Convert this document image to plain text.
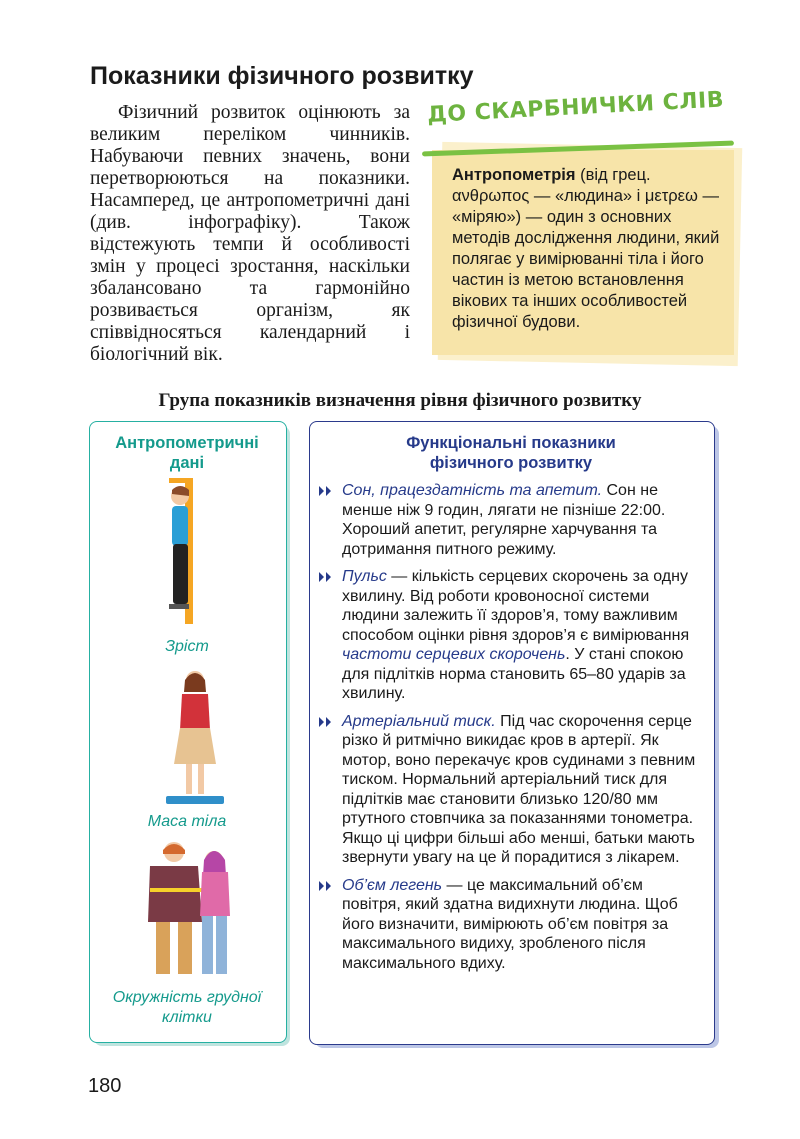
Показники фізичного розвитку

Фізичний розвиток оцінюють за великим переліком чинників. Набуваючи певних значень, вони перетворюються на показники. Насамперед, це антропометричні дані (див. інфографіку). Також відстежують темпи й особливості змін у процесі зростання, наскільки збалансовано та гармонійно розвивається організм, як співвідносяться календарний і біологічний вік.

ДО СКАРБНИЧКИ СЛІВ
Антропометрія (від грец. ανθρωπος — «людина» і μετρεω — «міряю») — один з основних методів дослідження людини, який полягає у вимірюванні тіла і його частин із метою встановлення вікових та інших особливостей фізичної будови.
Група показників визначення рівня фізичного розвитку
Антропометричні
дані
Зріст
Маса тіла
Окружність грудної клітки
Функціональні показники
фізичного розвитку
Сон, працездатність та апетит. Сон не менше ніж 9 годин, лягати не пізніше 22:00. Хороший апетит, регулярне харчування та дотримання питного режиму.
Пульс — кількість серцевих скорочень за одну хвилину. Від роботи кровоносної системи людини залежить її здоров’я, тому важливим способом оцінки рівня здоров’я є вимірювання частоти серцевих скорочень. У стані спокою для підлітків норма становить 65–80 ударів за хвилину.
Артеріальний тиск. Під час скорочення серце різко й ритмічно викидає кров в артерії. Як мотор, воно перекачує кров судинами з певним тиском. Нормальний артеріальний тиск для підлітків має становити близько 120/80 мм ртутного стовпчика за показаннями тонометра. Якщо ці цифри більші або менші, батьки мають звернути увагу на це й порадитися з лікарем.
Об’єм легень — це максимальний об’єм повітря, який здатна видихнути людина. Щоб його визначити, вимірюють об’єм повітря за максимального видиху, зробленого після максимального вдиху.
180
